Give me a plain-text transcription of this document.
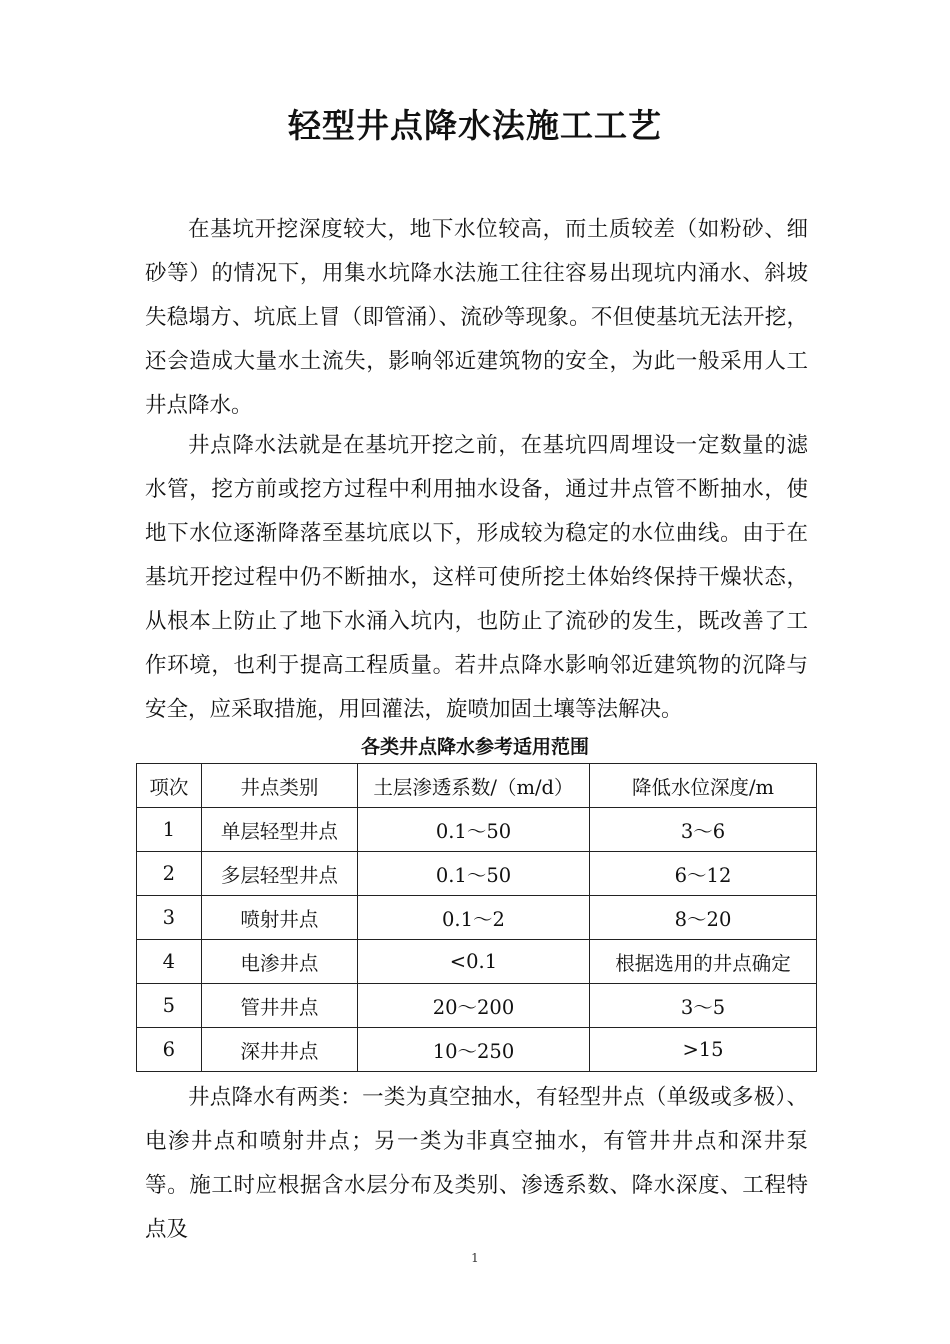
轻型井点降水法施工工艺

在基坑开挖深度较大，地下水位较高，而土质较差（如粉砂、细砂等）的情况下，用集水坑降水法施工往往容易出现坑内涌水、斜坡失稳塌方、坑底上冒（即管涌）、流砂等现象。不但使基坑无法开挖，还会造成大量水土流失，影响邻近建筑物的安全，为此一般采用人工井点降水。

井点降水法就是在基坑开挖之前，在基坑四周埋设一定数量的滤水管，挖方前或挖方过程中利用抽水设备，通过井点管不断抽水，使地下水位逐渐降落至基坑底以下，形成较为稳定的水位曲线。由于在基坑开挖过程中仍不断抽水，这样可使所挖土体始终保持干燥状态，从根本上防止了地下水涌入坑内，也防止了流砂的发生，既改善了工作环境，也利于提高工程质量。若井点降水影响邻近建筑物的沉降与安全，应采取措施，用回灌法，旋喷加固土壤等法解决。

各类井点降水参考适用范围
项次	井点类别	土层渗透系数/（m/d）	降低水位深度/m
1	单层轻型井点	0.1～50	3～6
2	多层轻型井点	0.1～50	6～12
3	喷射井点	0.1～2	8～20
4	电渗井点	<0.1	根据选用的井点确定
5	管井井点	20～200	3～5
6	深井井点	10～250	>15

井点降水有两类：一类为真空抽水，有轻型井点（单级或多极）、电渗井点和喷射井点；另一类为非真空抽水，有管井井点和深井泵等。施工时应根据含水层分布及类别、渗透系数、降水深度、工程特点及

1
